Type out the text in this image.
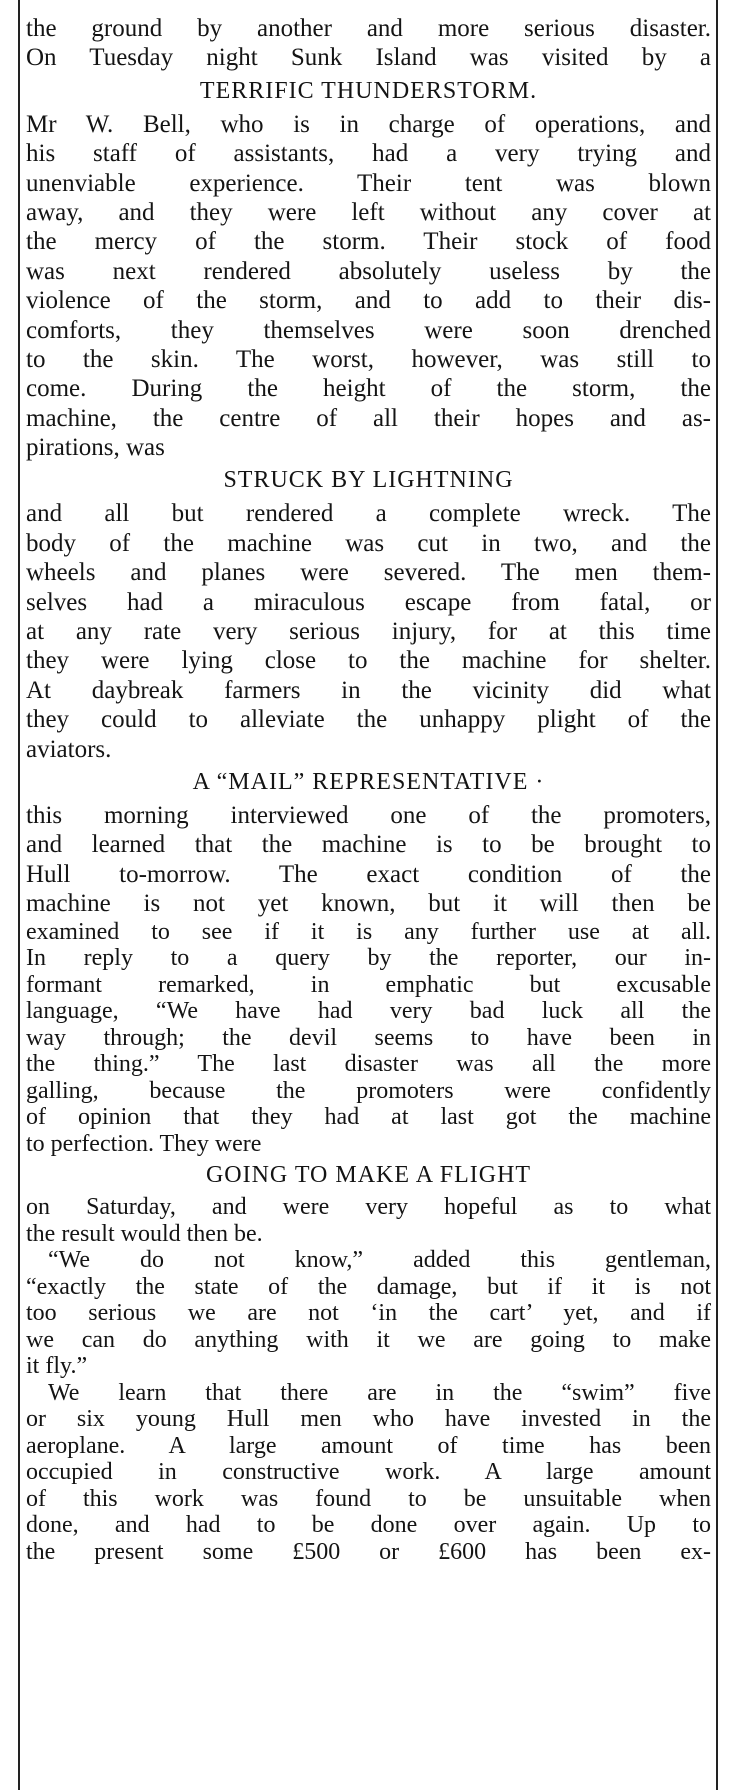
the ground by another and more serious disaster.
On Tuesday night Sunk Island was visited by a
TERRIFIC THUNDERSTORM.
Mr W. Bell, who is in charge of operations, and
his staff of assistants, had a very trying and
unenviable experience. Their tent was blown
away, and they were left without any cover at
the mercy of the storm. Their stock of food
was next rendered absolutely useless by the
violence of the storm, and to add to their dis-
comforts, they themselves were soon drenched
to the skin. The worst, however, was still to
come. During the height of the storm, the
machine, the centre of all their hopes and as-
pirations, was
STRUCK BY LIGHTNING
and all but rendered a complete wreck. The
body of the machine was cut in two, and the
wheels and planes were severed. The men them-
selves had a miraculous escape from fatal, or
at any rate very serious injury, for at this time
they were lying close to the machine for shelter.
At daybreak farmers in the vicinity did what
they could to alleviate the unhappy plight of the
aviators.
A “MAIL” REPRESENTATIVE ·
this morning interviewed one of the promoters,
and learned that the machine is to be brought to
Hull to-morrow. The exact condition of the
machine is not yet known, but it will then be
examined to see if it is any further use at all.
In reply to a query by the reporter, our in-
formant remarked, in emphatic but excusable
language, “We have had very bad luck all the
way through; the devil seems to have been in
the thing.” The last disaster was all the more
galling, because the promoters were confidently
of opinion that they had at last got the machine
to perfection. They were
GOING TO MAKE A FLIGHT
on Saturday, and were very hopeful as to what
the result would then be.
“We do not know,” added this gentleman,
“exactly the state of the damage, but if it is not
too serious we are not ‘in the cart’ yet, and if
we can do anything with it we are going to make
it fly.”
We learn that there are in the “swim” five
or six young Hull men who have invested in the
aeroplane. A large amount of time has been
occupied in constructive work. A large amount
of this work was found to be unsuitable when
done, and had to be done over again. Up to
the present some £500 or £600 has been ex-
